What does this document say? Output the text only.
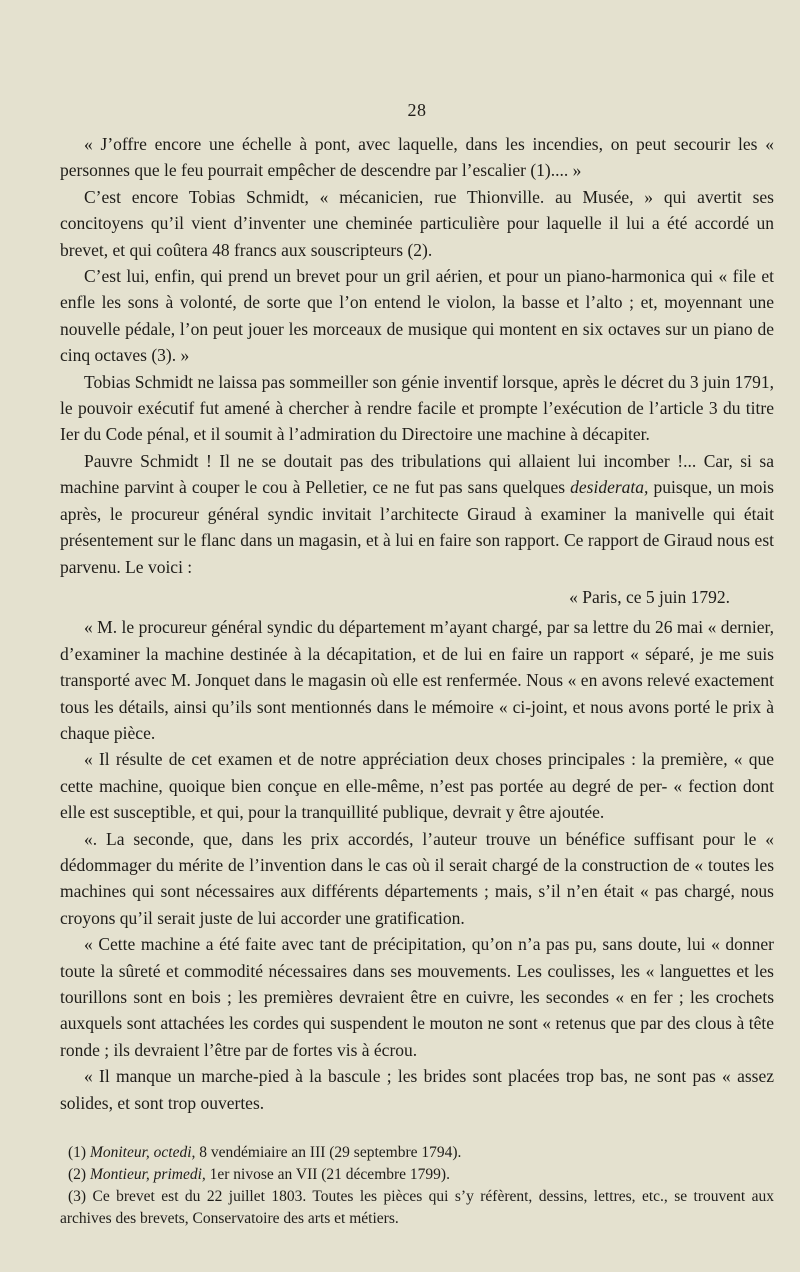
28

« J’offre encore une échelle à pont, avec laquelle, dans les incendies, on peut secourir les « personnes que le feu pourrait empêcher de descendre par l’escalier (1).... »

C’est encore Tobias Schmidt, « mécanicien, rue Thionville. au Musée, » qui avertit ses concitoyens qu’il vient d’inventer une cheminée particulière pour laquelle il lui a été accordé un brevet, et qui coûtera 48 francs aux souscripteurs (2).

C’est lui, enfin, qui prend un brevet pour un gril aérien, et pour un piano-harmonica qui « file et enfle les sons à volonté, de sorte que l’on entend le violon, la basse et l’alto ; et, moyennant une nouvelle pédale, l’on peut jouer les morceaux de musique qui montent en six octaves sur un piano de cinq octaves (3). »

Tobias Schmidt ne laissa pas sommeiller son génie inventif lorsque, après le décret du 3 juin 1791, le pouvoir exécutif fut amené à chercher à rendre facile et prompte l’exécution de l’article 3 du titre Ier du Code pénal, et il soumit à l’admiration du Directoire une machine à décapiter.

Pauvre Schmidt ! Il ne se doutait pas des tribulations qui allaient lui incomber !... Car, si sa machine parvint à couper le cou à Pelletier, ce ne fut pas sans quelques desiderata, puisque, un mois après, le procureur général syndic invitait l’architecte Giraud à examiner la manivelle qui était présentement sur le flanc dans un magasin, et à lui en faire son rapport. Ce rapport de Giraud nous est parvenu. Le voici :

« Paris, ce 5 juin 1792.

« M. le procureur général syndic du département m’ayant chargé, par sa lettre du 26 mai « dernier, d’examiner la machine destinée à la décapitation, et de lui en faire un rapport « séparé, je me suis transporté avec M. Jonquet dans le magasin où elle est renfermée. Nous « en avons relevé exactement tous les détails, ainsi qu’ils sont mentionnés dans le mémoire « ci-joint, et nous avons porté le prix à chaque pièce.

« Il résulte de cet examen et de notre appréciation deux choses principales : la première, « que cette machine, quoique bien conçue en elle-même, n’est pas portée au degré de per- « fection dont elle est susceptible, et qui, pour la tranquillité publique, devrait y être ajoutée.

«. La seconde, que, dans les prix accordés, l’auteur trouve un bénéfice suffisant pour le « dédommager du mérite de l’invention dans le cas où il serait chargé de la construction de « toutes les machines qui sont nécessaires aux différents départements ; mais, s’il n’en était « pas chargé, nous croyons qu’il serait juste de lui accorder une gratification.

« Cette machine a été faite avec tant de précipitation, qu’on n’a pas pu, sans doute, lui « donner toute la sûreté et commodité nécessaires dans ses mouvements. Les coulisses, les « languettes et les tourillons sont en bois ; les premières devraient être en cuivre, les secondes « en fer ; les crochets auxquels sont attachées les cordes qui suspendent le mouton ne sont « retenus que par des clous à tête ronde ; ils devraient l’être par de fortes vis à écrou.

« Il manque un marche-pied à la bascule ; les brides sont placées trop bas, ne sont pas « assez solides, et sont trop ouvertes.

(1) Moniteur, octedi, 8 vendémiaire an III (29 septembre 1794).

(2) Montieur, primedi, 1er nivose an VII (21 décembre 1799).

(3) Ce brevet est du 22 juillet 1803. Toutes les pièces qui s’y réfèrent, dessins, lettres, etc., se trouvent aux archives des brevets, Conservatoire des arts et métiers.
